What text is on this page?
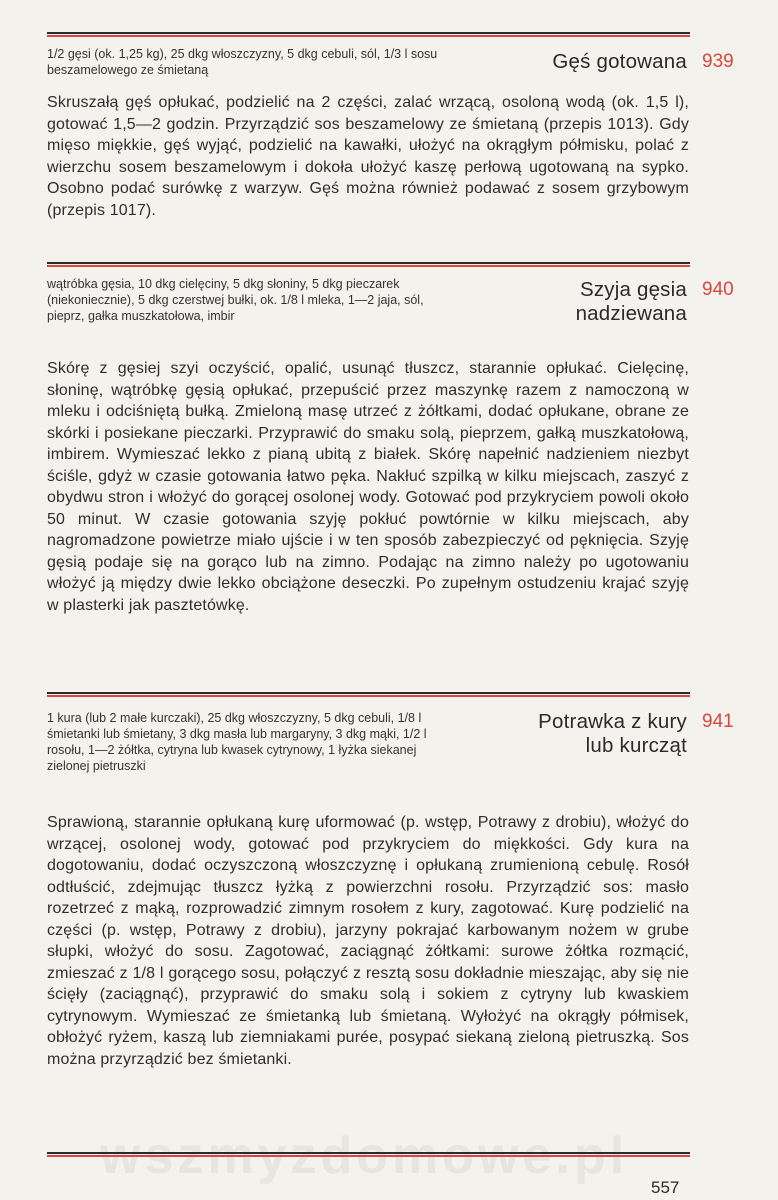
1/2 gęsi (ok. 1,25 kg), 25 dkg włoszczyzny, 5 dkg cebuli, sól, 1/3 l sosu beszamelowego ze śmietaną	Gęś gotowana 939
Skruszałą gęś opłukać, podzielić na 2 części, zalać wrzącą, osoloną wodą (ok. 1,5 l), gotować 1,5—2 godzin. Przyrządzić sos beszamelowy ze śmietaną (przepis 1013). Gdy mięso miękkie, gęś wyjąć, podzielić na kawałki, ułożyć na okrągłym półmisku, polać z wierzchu sosem beszamelowym i dokoła ułożyć kaszę perłową ugotowaną na sypko. Osobno podać surówkę z warzyw. Gęś można również podawać z sosem grzybowym (przepis 1017).
wątróbka gęsia, 10 dkg cielęciny, 5 dkg słoniny, 5 dkg pieczarek (niekoniecznie), 5 dkg czerstwej bułki, ok. 1/8 l mleka, 1—2 jaja, sól, pieprz, gałka muszkatołowa, imbir
Szyja gęsia
nadziewana
940
Skórę z gęsiej szyi oczyścić, opalić, usunąć tłuszcz, starannie opłukać. Cielęcinę, słoninę, wątróbkę gęsią opłukać, przepuścić przez maszynkę razem z namoczoną w mleku i odciśniętą bułką. Zmieloną masę utrzeć z żółtkami, dodać opłukane, obrane ze skórki i posiekane pieczarki. Przyprawić do smaku solą, pieprzem, gałką muszkatołową, imbirem. Wymieszać lekko z pianą ubitą z białek. Skórę napełnić nadzieniem niezbyt ściśle, gdyż w czasie gotowania łatwo pęka. Nakłuć szpilką w kilku miejscach, zaszyć z obydwu stron i włożyć do gorącej osolonej wody. Gotować pod przykryciem powoli około 50 minut. W czasie gotowania szyję pokłuć powtórnie w kilku miejscach, aby nagromadzone powietrze miało ujście i w ten sposób zabezpieczyć od pęknięcia. Szyję gęsią podaje się na gorąco lub na zimno. Podając na zimno należy po ugotowaniu włożyć ją między dwie lekko obciążone deseczki. Po zupełnym ostudzeniu krajać szyję w plasterki jak pasztetówkę.
1 kura (lub 2 małe kurczaki), 25 dkg włoszczyzny, 5 dkg cebuli, 1/8 l śmietanki lub śmietany, 3 dkg masła lub margaryny, 3 dkg mąki, 1/2 l rosołu, 1—2 żółtka, cytryna lub kwasek cytrynowy, 1 łyżka siekanej zielonej pietruszki
Potrawka z kury
lub kurcząt
941
Sprawioną, starannie opłukaną kurę uformować (p. wstęp, Potrawy z drobiu), włożyć do wrzącej, osolonej wody, gotować pod przykryciem do miękkości. Gdy kura na dogotowaniu, dodać oczyszczoną włoszczyznę i opłukaną zrumienioną cebulę. Rosół odtłuścić, zdejmując tłuszcz łyżką z powierzchni rosołu. Przyrządzić sos: masło rozetrzeć z mąką, rozprowadzić zimnym rosołem z kury, zagotować. Kurę podzielić na części (p. wstęp, Potrawy z drobiu), jarzyny pokrajać karbowanym nożem w grube słupki, włożyć do sosu. Zagotować, zaciągnąć żółtkami: surowe żółtka rozmącić, zmieszać z 1/8 l gorącego sosu, połączyć z resztą sosu dokładnie mieszając, aby się nie ścięły (zaciągnąć), przyprawić do smaku solą i sokiem z cytryny lub kwaskiem cytrynowym. Wymieszać ze śmietanką lub śmietaną. Wyłożyć na okrągły półmisek, obłożyć ryżem, kaszą lub ziemniakami purée, posypać siekaną zieloną pietruszką. Sos można przyrządzić bez śmietanki.
wszmyzdomowe.pl
557
